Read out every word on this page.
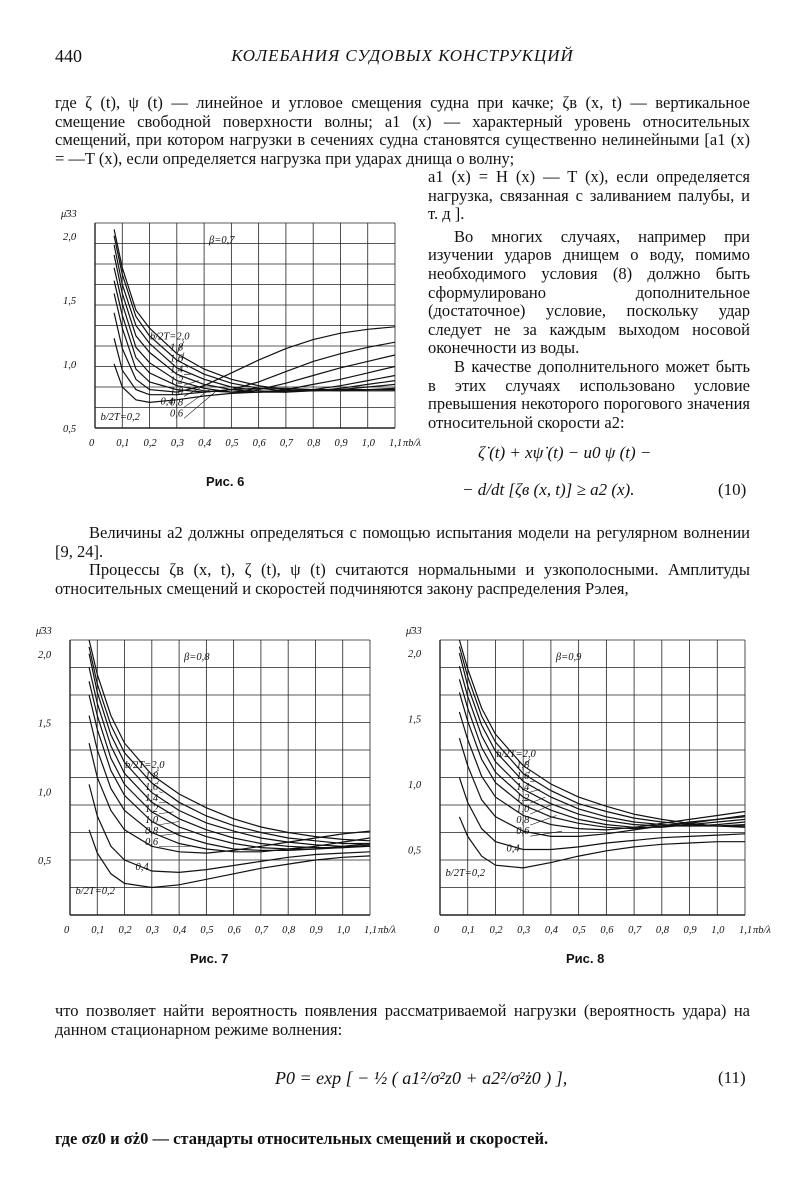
440	КОЛЕБАНИЯ СУДОВЫХ КОНСТРУКЦИЙ

где ζ (t), ψ (t) — линейное и угловое смещения судна при качке; ζв (x, t) — вертикальное смещение свободной поверхности волны; a1 (x) — характерный уровень относительных смещений, при котором нагрузки в сечениях судна становятся существенно нелинейными [a1 (x) = —T (x), если определяется нагрузка при ударах днища о волну;

a1 (x) = H (x) — T (x), если определяется нагрузка, связанная с заливанием палубы, и т. д ].

Во многих случаях, например при изучении ударов днищем о воду, помимо необходимого условия (8) должно быть сформулировано дополнительное (достаточное) условие, поскольку удар следует не за каждым выходом носовой оконечности из воды.

В качестве дополнительного может быть в этих случаях использовано условие превышения некоторого порогового значения относительной скорости a2:

ζ̇ (t) + xψ̇ (t) − u0 ψ (t) −
− d/dt [ζв (x, t)] ≥ a2 (x).	(10)
0 0,1 0,2 0,3 0,4 0,5 0,6 0,7 0,8 0,9 1,0 1,1
0,5
1,0
1,5
2,0
μ̄33
πb/λ
β=0,7
b/2T=2,0
1,8
1,6
1,4
1,2
1,0
0,8
0,6
0,4
b/2T=0,2
Рис. 6

Величины a2 должны определяться с помощью испытания модели на регулярном волнении [9, 24].

Процессы ζв (x, t), ζ (t), ψ (t) считаются нормальными и узкополосными. Амплитуды относительных смещений и скоростей подчиняются закону распределения Рэлея,

0 0,1 0,2 0,3 0,4 0,5 0,6 0,7 0,8 0,9 1,0 1,1
0,5
1,0
1,5
2,0
μ̄33
πb/λ
β=0,8
b/2T=2,0
1,8
1,6
1,4
1,2
1,0
0,8
0,6
0,4
b/2T=0,2
Рис. 7
0 0,1 0,2 0,3 0,4 0,5 0,6 0,7 0,8 0,9 1,0 1,1
0,5
1,0
1,5
2,0
μ̄33
πb/λ
β=0,9
b/2T=2,0
1,8
1,6
1,4
1,2
1,0
0,8
0,6
0,4
b/2T=0,2
Рис. 8

что позволяет найти вероятность появления рассматриваемой нагрузки (вероятность удара) на данном стационарном режиме волнения:

P0 = exp [ − ½ ( a1²/σ²z0 + a2²/σ²ż0 ) ],	(11)

где σz0 и σż0 — стандарты относительных смещений и скоростей.
